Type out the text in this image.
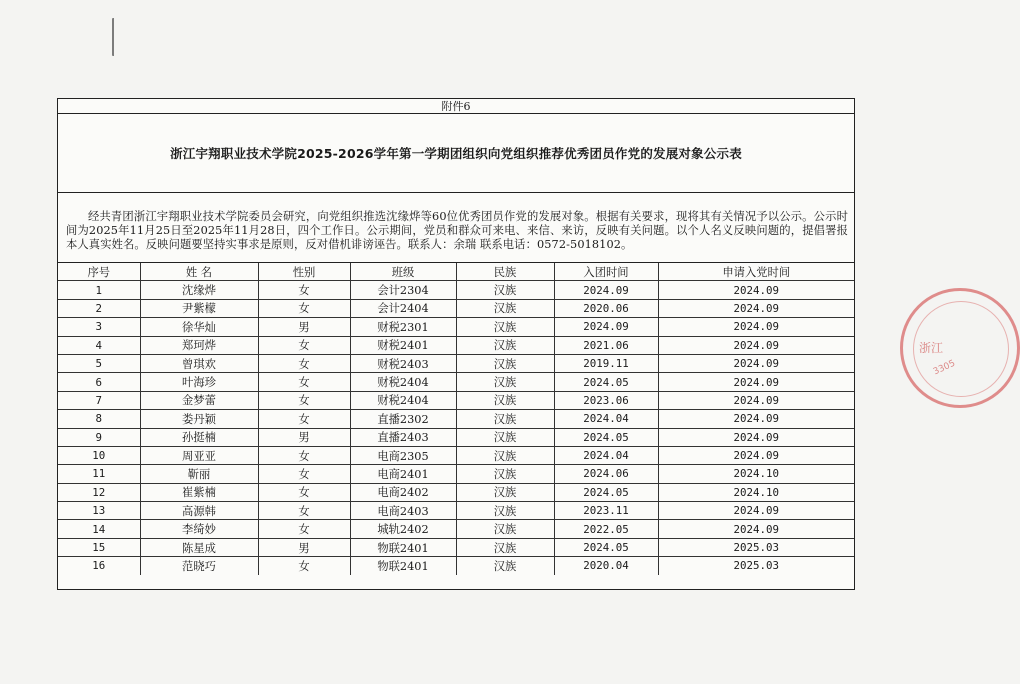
附件6
浙江宇翔职业技术学院2025-2026学年第一学期团组织向党组织推荐优秀团员作党的发展对象公示表
经共青团浙江宇翔职业技术学院委员会研究，向党组织推选沈缘烨等60位优秀团员作党的发展对象。根据有关要求，现将其有关情况予以公示。公示时间为2025年11月25日至2025年11月28日，四个工作日。公示期间，党员和群众可来电、来信、来访，反映有关问题。以个人名义反映问题的，提倡署报本人真实姓名。反映问题要坚持实事求是原则，反对借机诽谤诬告。联系人：余瑞 联系电话：0572-5018102。
序号	姓 名	性别	班级	民族	入团时间	申请入党时间
1	沈缘烨	女	会计2304	汉族	2024.09	2024.09
2	尹紫檬	女	会计2404	汉族	2020.06	2024.09
3	徐华灿	男	财税2301	汉族	2024.09	2024.09
4	郑珂烨	女	财税2401	汉族	2021.06	2024.09
5	曾琪欢	女	财税2403	汉族	2019.11	2024.09
6	叶海珍	女	财税2404	汉族	2024.05	2024.09
7	金梦蕾	女	财税2404	汉族	2023.06	2024.09
8	娄丹颖	女	直播2302	汉族	2024.04	2024.09
9	孙挺楠	男	直播2403	汉族	2024.05	2024.09
10	周亚亚	女	电商2305	汉族	2024.04	2024.09
11	靳丽	女	电商2401	汉族	2024.06	2024.10
12	崔紫楠	女	电商2402	汉族	2024.05	2024.10
13	高源韩	女	电商2403	汉族	2023.11	2024.09
14	李绮妙	女	城轨2402	汉族	2022.05	2024.09
15	陈星成	男	物联2401	汉族	2024.05	2025.03
16	范晓巧	女	物联2401	汉族	2020.04	2025.03
浙江
3305
